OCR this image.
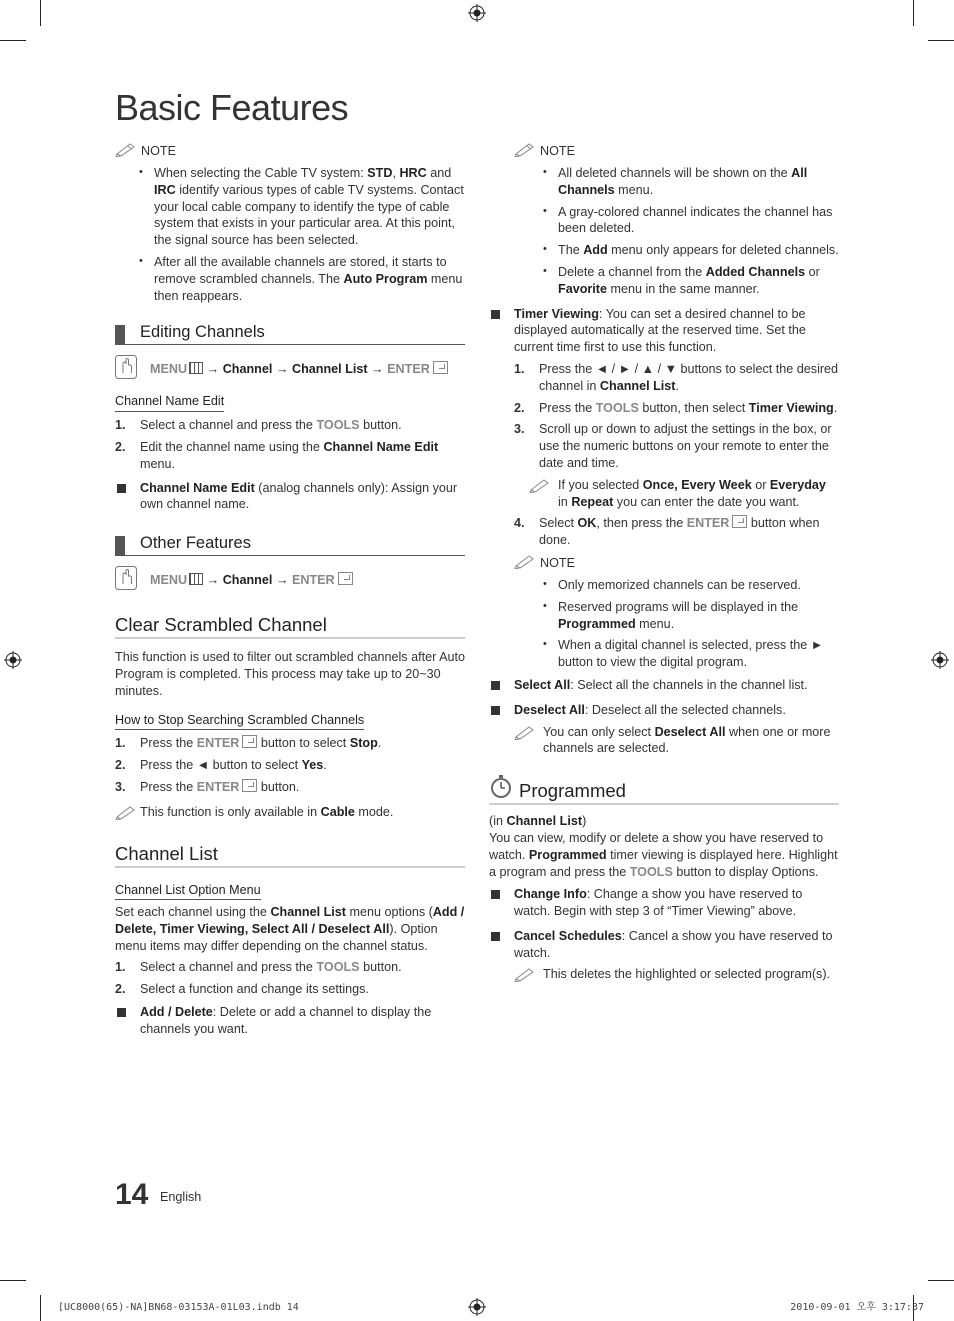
Basic Features
NOTE
• When selecting the Cable TV system: STD, HRC and IRC identify various types of cable TV systems. Contact your local cable company to identify the type of cable system that exists in your particular area. At this point, the signal source has been selected.
• After all the available channels are stored, it starts to remove scrambled channels. The Auto Program menu then reappears.
Editing Channels
MENU → Channel → Channel List → ENTER
Channel Name Edit
1. Select a channel and press the TOOLS button.
2. Edit the channel name using the Channel Name Edit menu.
Channel Name Edit (analog channels only): Assign your own channel name.
Other Features
MENU → Channel → ENTER
Clear Scrambled Channel

This function is used to filter out scrambled channels after Auto Program is completed. This process may take up to 20~30 minutes.

How to Stop Searching Scrambled Channels
1. Press the ENTER button to select Stop.
2. Press the ◄ button to select Yes.
3. Press the ENTER button.
This function is only available in Cable mode.
Channel List
Channel List Option Menu

Set each channel using the Channel List menu options (Add / Delete, Timer Viewing, Select All / Deselect All). Option menu items may differ depending on the channel status.

1. Select a channel and press the TOOLS button.
2. Select a function and change its settings.
Add / Delete: Delete or add a channel to display the channels you want.
NOTE
• All deleted channels will be shown on the All Channels menu.
• A gray-colored channel indicates the channel has been deleted.
• The Add menu only appears for deleted channels.
• Delete a channel from the Added Channels or Favorite menu in the same manner.
Timer Viewing: You can set a desired channel to be displayed automatically at the reserved time. Set the current time first to use this function.
1. Press the ◄ / ► / ▲ / ▼ buttons to select the desired channel in Channel List.
2. Press the TOOLS button, then select Timer Viewing.
3. Scroll up or down to adjust the settings in the box, or use the numeric buttons on your remote to enter the date and time.
If you selected Once, Every Week or Everyday in Repeat you can enter the date you want.
4. Select OK, then press the ENTER button when done.
NOTE
• Only memorized channels can be reserved.
• Reserved programs will be displayed in the Programmed menu.
• When a digital channel is selected, press the ► button to view the digital program.
Select All: Select all the channels in the channel list.
Deselect All: Deselect all the selected channels.
You can only select Deselect All when one or more channels are selected.
Programmed

(in Channel List)

You can view, modify or delete a show you have reserved to watch. Programmed timer viewing is displayed here. Highlight a program and press the TOOLS button to display Options.

Change Info: Change a show you have reserved to watch. Begin with step 3 of “Timer Viewing” above.
Cancel Schedules: Cancel a show you have reserved to watch.
This deletes the highlighted or selected program(s).
14 English
[UC8000(65)-NA]BN68-03153A-01L03.indb 14	2010-09-01 오후 3:17:37
